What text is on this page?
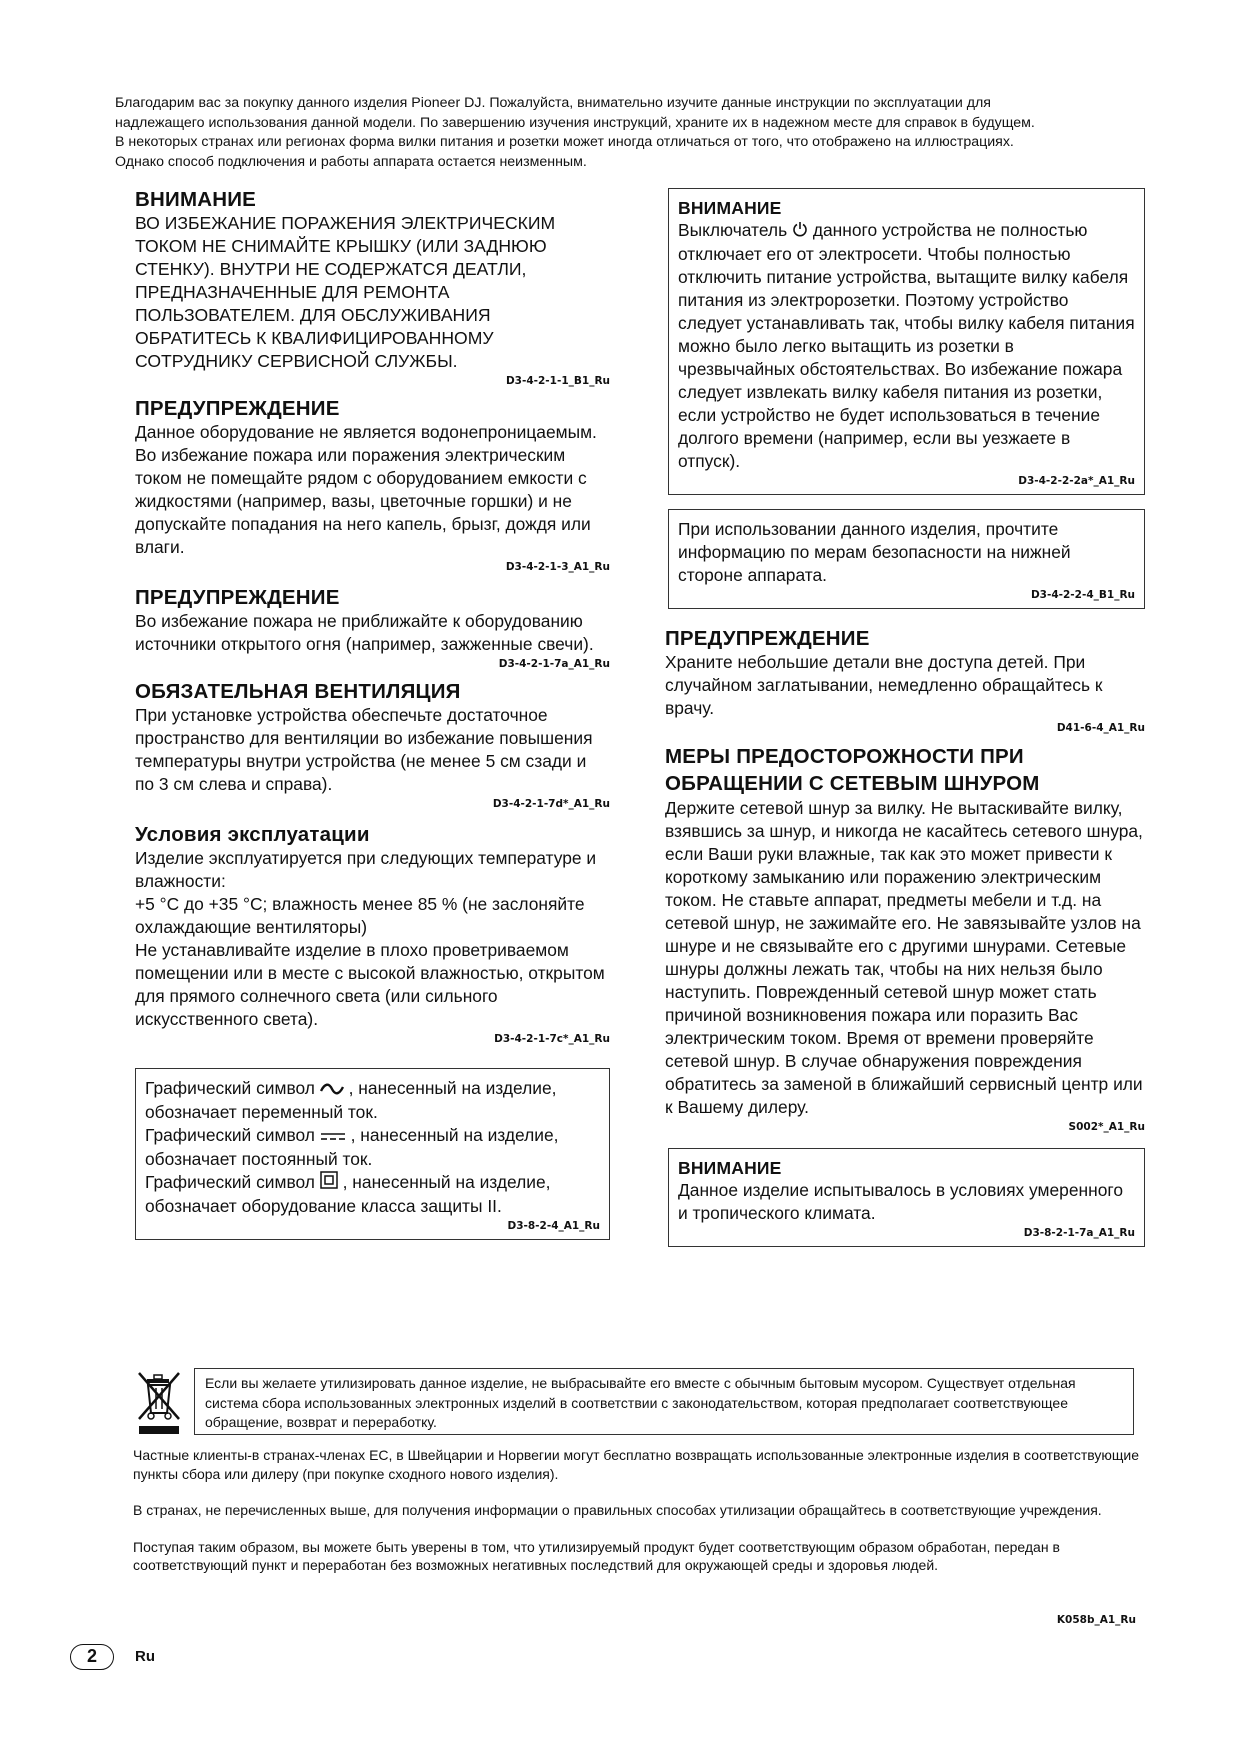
Благодарим вас за покупку данного изделия Pioneer DJ. Пожалуйста, внимательно изучите данные инструкции по эксплуатации для

надлежащего использования данной модели. По завершению изучения инструкций, храните их в надежном месте для справок в будущем.

В некоторых странах или регионах форма вилки питания и розетки может иногда отличаться от того, что отображено на иллюстрациях.

Однако способ подключения и работы аппарата остается неизменным.

ВНИМАНИЕ

ВО ИЗБЕЖАНИЕ ПОРАЖЕНИЯ ЭЛЕКТРИЧЕСКИМ ТОКОМ НЕ СНИМАЙТЕ КРЫШКУ (ИЛИ ЗАДНЮЮ СТЕНКУ). ВНУТРИ НЕ СОДЕРЖАТСЯ ДЕАТЛИ, ПРЕДНАЗНАЧЕННЫЕ ДЛЯ РЕМОНТА ПОЛЬЗОВАТЕЛЕМ. ДЛЯ ОБСЛУЖИВАНИЯ ОБРАТИТЕСЬ К КВАЛИФИЦИРОВАННОМУ СОТРУДНИКУ СЕРВИСНОЙ СЛУЖБЫ.

D3-4-2-1-1_B1_Ru
ПРЕДУПРЕЖДЕНИЕ

Данное оборудование не является водонепроницаемым. Во избежание пожара или поражения электрическим током не помещайте рядом с оборудованием емкости с жидкостями (например, вазы, цветочные горшки) и не допускайте попадания на него капель, брызг, дождя или влаги.

D3-4-2-1-3_A1_Ru
ПРЕДУПРЕЖДЕНИЕ

Во избежание пожара не приближайте к оборудованию источники открытого огня (например, зажженные свечи).

D3-4-2-1-7a_A1_Ru
ОБЯЗАТЕЛЬНАЯ ВЕНТИЛЯЦИЯ

При установке устройства обеспечьте достаточное пространство для вентиляции во избежание повышения температуры внутри устройства (не менее 5 см сзади и по 3 см слева и справа).

D3-4-2-1-7d*_A1_Ru
Условия эксплуатации

Изделие эксплуатируется при следующих температуре и влажности:

+5 °C до +35 °C; влажность менее 85 % (не заслоняйте охлаждающие вентиляторы)

Не устанавливайте изделие в плохо проветриваемом помещении или в месте с высокой влажностью, открытом для прямого солнечного света (или сильного искусственного света).

D3-4-2-1-7c*_A1_Ru

Графический символ , нанесенный на изделие, обозначает переменный ток.

Графический символ , нанесенный на изделие, обозначает постоянный ток.

Графический символ , нанесенный на изделие, обозначает оборудование класса защиты II.

D3-8-2-4_A1_Ru
ВНИМАНИЕ

Выключатель данного устройства не полностью отключает его от электросети. Чтобы полностью отключить питание устройства, вытащите вилку кабеля питания из электророзетки. Поэтому устройство следует устанавливать так, чтобы вилку кабеля питания можно было легко вытащить из розетки в чрезвычайных обстоятельствах. Во избежание пожара следует извлекать вилку кабеля питания из розетки, если устройство не будет использоваться в течение долгого времени (например, если вы уезжаете в отпуск).

D3-4-2-2-2a*_A1_Ru

При использовании данного изделия, прочтите информацию по мерам безопасности на нижней стороне аппарата.

D3-4-2-2-4_B1_Ru
ПРЕДУПРЕЖДЕНИЕ

Храните небольшие детали вне доступа детей. При случайном заглатывании, немедленно обращайтесь к врачу.

D41-6-4_A1_Ru
МЕРЫ ПРЕДОСТОРОЖНОСТИ ПРИ ОБРАЩЕНИИ С СЕТЕВЫМ ШНУРОМ

Держите сетевой шнур за вилку. Не вытаскивайте вилку, взявшись за шнур, и никогда не касайтесь сетевого шнура, если Ваши руки влажные, так как это может привести к короткому замыканию или поражению электрическим током. Не ставьте аппарат, предметы мебели и т.д. на сетевой шнур, не зажимайте его. Не завязывайте узлов на шнуре и не связывайте его с другими шнурами. Сетевые шнуры должны лежать так, чтобы на них нельзя было наступить. Поврежденный сетевой шнур может стать причиной возникновения пожара или поразить Вас электрическим током. Время от времени проверяйте сетевой шнур. В случае обнаружения повреждения обратитесь за заменой в ближайший сервисный центр или к Вашему дилеру.

S002*_A1_Ru
ВНИМАНИЕ

Данное изделие испытывалось в условиях умеренного и тропического климата.

D3-8-2-1-7a_A1_Ru
Если вы желаете утилизировать данное изделие, не выбрасывайте его вместе с обычным бытовым мусором. Существует отдельная система сбора использованных электронных изделий в соответствии с законодательством, которая предполагает соответствующее обращение, возврат и переработку.

Частные клиенты-в странах-членах ЕС, в Швейцарии и Норвегии могут бесплатно возвращать использованные электронные изделия в соответствующие пункты сбора или дилеру (при покупке сходного нового изделия).

В странах, не перечисленных выше, для получения информации о правильных способах утилизации обращайтесь в соответствующие учреждения.

Поступая таким образом, вы можете быть уверены в том, что утилизируемый продукт будет соответствующим образом обработан, передан в соответствующий пункт и переработан без возможных негативных последствий для окружающей среды и здоровья людей.

K058b_A1_Ru
2	Ru
